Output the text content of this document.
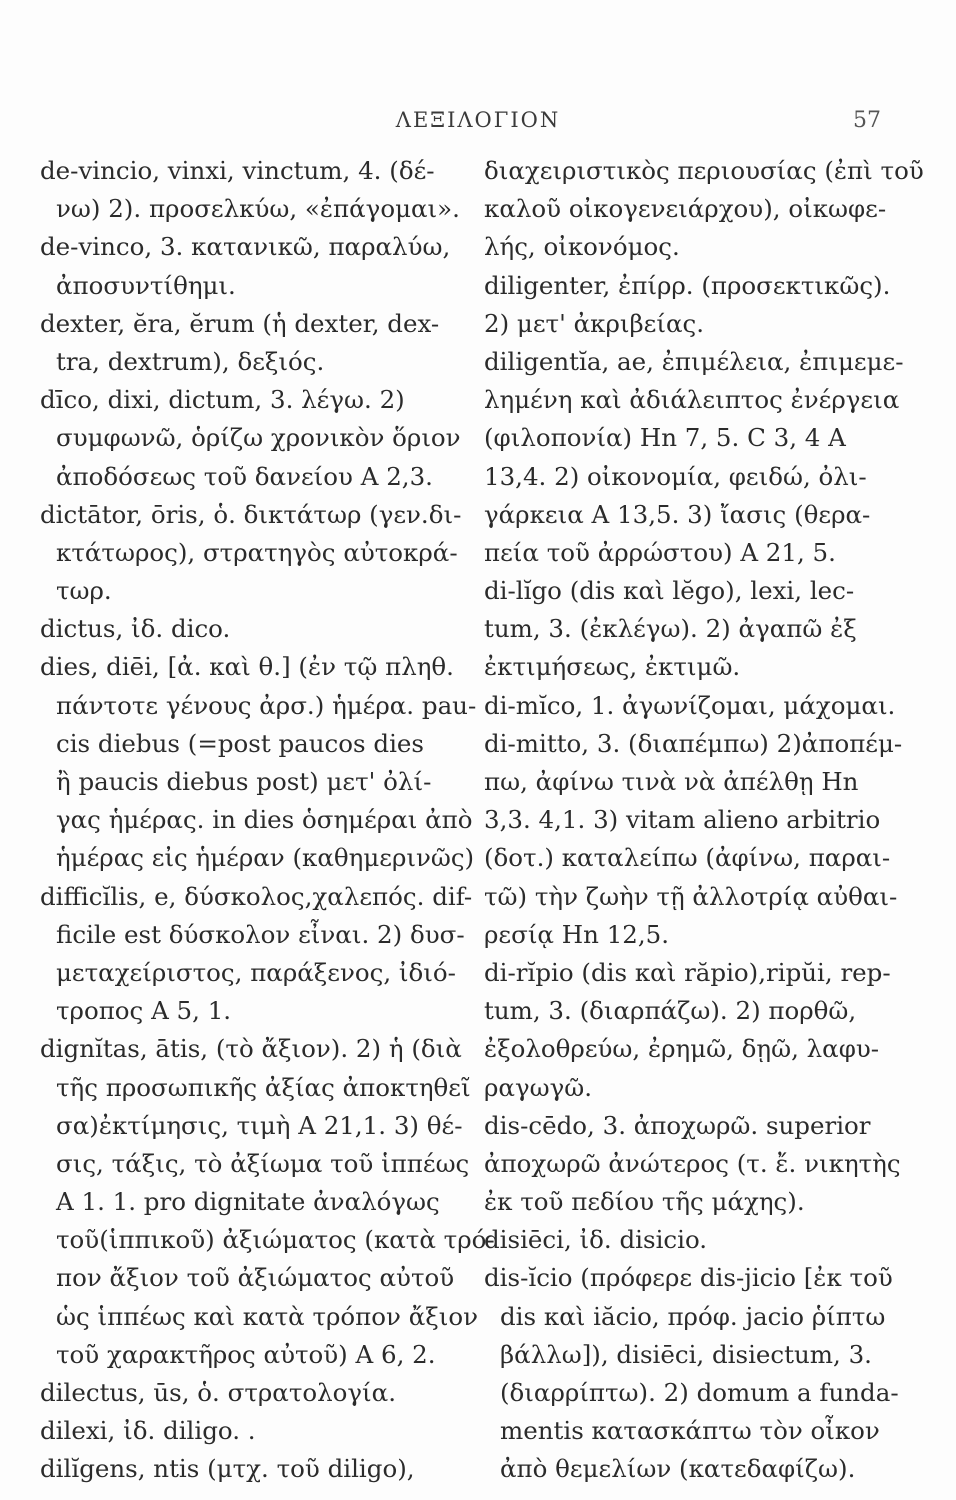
ΛΕΞΙΛΟΓΙΟΝ	57
de-vincio, vinxi, vinctum, 4. (δέ-
νω) 2). προσελκύω, «ἐπάγομαι».
de-vinco, 3. κατανικῶ, παραλύω,
ἀποσυντίθημι.
dexter, ĕra, ĕrum (ἡ dexter, dex-
tra, dextrum), δεξιός.
dīco, dixi, dictum, 3. λέγω. 2)
συμφωνῶ, ὁρίζω χρονικὸν ὅριον
ἀποδόσεως τοῦ δανείου Α 2,3.
dictātor, ōris, ὁ. δικτάτωρ (γεν.δι-
κτάτωρος), στρατηγὸς αὐτοκρά-
τωρ.
dictus, ἰδ. dico.
dies, diēi, [ἀ. καὶ θ.] (ἐν τῷ πληθ.
πάντοτε γένους ἀρσ.) ἡμέρα. pau-
cis diebus (=post paucos dies
ἢ paucis diebus post) μετ' ὀλί-
γας ἡμέρας. in dies ὁσημέραι ἀπὸ
ἡμέρας εἰς ἡμέραν (καθημερινῶς)
difficĭlis, e, δύσκολος,χαλεπός. dif-
ficile est δύσκολον εἶναι. 2) δυσ-
μεταχείριστος, παράξενος, ἰδιό-
τροπος Α 5, 1.
dignĭtas, ātis, (τὸ ἄξιον). 2) ἡ (διὰ
τῆς προσωπικῆς ἀξίας ἀποκτηθεῖ
σα)ἐκτίμησις, τιμὴ Α 21,1. 3) θέ-
σις, τάξις, τὸ ἀξίωμα τοῦ ἱππέως
Α 1. 1. pro dignitate ἀναλόγως
τοῦ(ἱππικοῦ) ἀξιώματος (κατὰ τρό-
πον ἄξιον τοῦ ἀξιώματος αὐτοῦ
ὡς ἱππέως καὶ κατὰ τρόπον ἄξιον
τοῦ χαρακτῆρος αὐτοῦ) Α 6, 2.
dilectus, ūs, ὁ. στρατολογία.
dilexi, ἰδ. diligo. .
dilĭgens, ntis (μτχ. τοῦ diligo),
διαχειριστικὸς περιουσίας (ἐπὶ τοῦ
καλοῦ οἰκογενειάρχου), οἰκωφε-
λής, οἰκονόμος.
diligenter, ἐπίρρ. (προσεκτικῶς).
2) μετ' ἀκριβείας.
diligentĭa, ae, ἐπιμέλεια, ἐπιμεμε-
λημένη καὶ ἀδιάλειπτος ἐνέργεια
(φιλοπονία) Ηn 7, 5. C 3, 4 Α
13,4. 2) οἰκονομία, φειδώ, ὀλι-
γάρκεια Α 13,5. 3) ἴασις (θερα-
πεία τοῦ ἀρρώστου) Α 21, 5.
di-lĭgo (dis καὶ lĕgo), lexi, lec-
tum, 3. (ἐκλέγω). 2) ἀγαπῶ ἐξ
ἐκτιμήσεως, ἐκτιμῶ.
di-mĭco, 1. ἀγωνίζομαι, μάχομαι.
di-mitto, 3. (διαπέμπω) 2)ἀποπέμ-
πω, ἀφίνω τινὰ νὰ ἀπέλθῃ Ηn
3,3. 4,1. 3) vitam alieno arbitrio
(δοτ.) καταλείπω (ἀφίνω, παραι-
τῶ) τὴν ζωὴν τῇ ἀλλοτρίᾳ αὐθαι-
ρεσίᾳ Ηn 12,5.
di-rĭpio (dis καὶ răpio),ripŭi, rep-
tum, 3. (διαρπάζω). 2) πορθῶ,
ἐξολοθρεύω, ἐρημῶ, δῃῶ, λαφυ-
ραγωγῶ.
dis-cēdo, 3. ἀποχωρῶ. superior
ἀποχωρῶ ἀνώτερος (τ. ἔ. νικητὴς
ἐκ τοῦ πεδίου τῆς μάχης).
disiēci, ἰδ. disicio.
dis-ĭcio (πρόφερε dis-jicio [ἐκ τοῦ
dis καὶ iăcio, πρόφ. jacio ῥίπτω
βάλλω]), disiēci, disiectum, 3.
(διαρρίπτω). 2) domum a funda-
mentis κατασκάπτω τὸν οἶκον
ἀπὸ θεμελίων (κατεδαφίζω).
